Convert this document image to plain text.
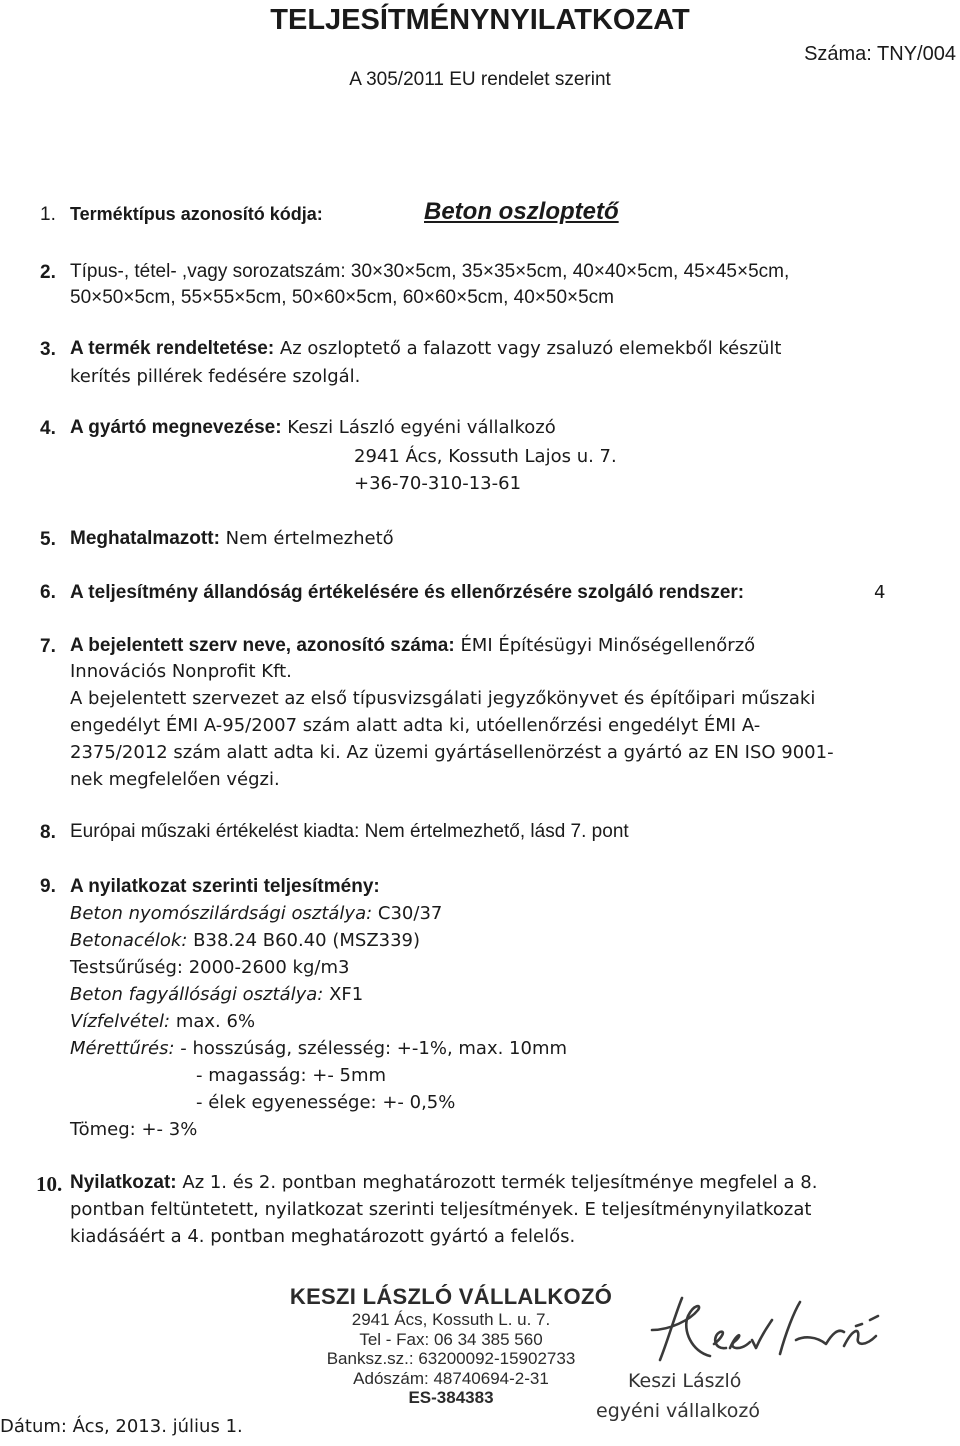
TELJESÍTMÉNYNYILATKOZAT
A 305/2011 EU rendelet szerint
Száma: TNY/004
1. Terméktípus azonosító kódja:	Beton oszloptető
2. Típus-, tétel- ,vagy sorozatszám: 30×30×5cm, 35×35×5cm, 40×40×5cm, 45×45×5cm,
50×50×5cm, 55×55×5cm, 50×60×5cm, 60×60×5cm, 40×50×5cm
3. A termék rendeltetése: Az oszloptető a falazott vagy zsaluzó elemekből készült
kerítés pillérek fedésére szolgál.
4. A gyártó megnevezése: Keszi László egyéni vállalkozó
2941 Ács, Kossuth Lajos u. 7.
+36-70-310-13-61
5. Meghatalmazott: Nem értelmezhető
6. A teljesítmény állandóság értékelésére és ellenőrzésére szolgáló rendszer:	4
7. A bejelentett szerv neve, azonosító száma: ÉMI Építésügyi Minőségellenőrző
Innovációs Nonprofit Kft.
A bejelentett szervezet az első típusvizsgálati jegyzőkönyvet és építőipari műszaki
engedélyt ÉMI A-95/2007 szám alatt adta ki, utóellenőrzési engedélyt ÉMI A-
2375/2012 szám alatt adta ki. Az üzemi gyártásellenörzést a gyártó az EN ISO 9001-
nek megfelelően végzi.
8. Európai műszaki értékelést kiadta: Nem értelmezhető, lásd 7. pont
9. A nyilatkozat szerinti teljesítmény:
Beton nyomószilárdsági osztálya: C30/37
Betonacélok: B38.24 B60.40 (MSZ339)
Testsűrűség: 2000-2600 kg/m3
Beton fagyállósági osztálya: XF1
Vízfelvétel: max. 6%
Mérettűrés: - hosszúság, szélesség: +-1%, max. 10mm
- magasság: +- 5mm
- élek egyenessége: +- 0,5%
Tömeg: +- 3%
10. Nyilatkozat: Az 1. és 2. pontban meghatározott termék teljesítménye megfelel a 8.
pontban feltüntetett, nyilatkozat szerinti teljesítmények. E teljesítménynyilatkozat
kiadásáért a 4. pontban meghatározott gyártó a felelős.
KESZI LÁSZLÓ VÁLLALKOZÓ
2941 Ács, Kossuth L. u. 7.
Tel - Fax: 06 34 385 560
Banksz.sz.: 63200092-15902733
Adószám: 48740694-2-31
ES-384383
Keszi László
egyéni vállalkozó
Dátum: Ács, 2013. július 1.
